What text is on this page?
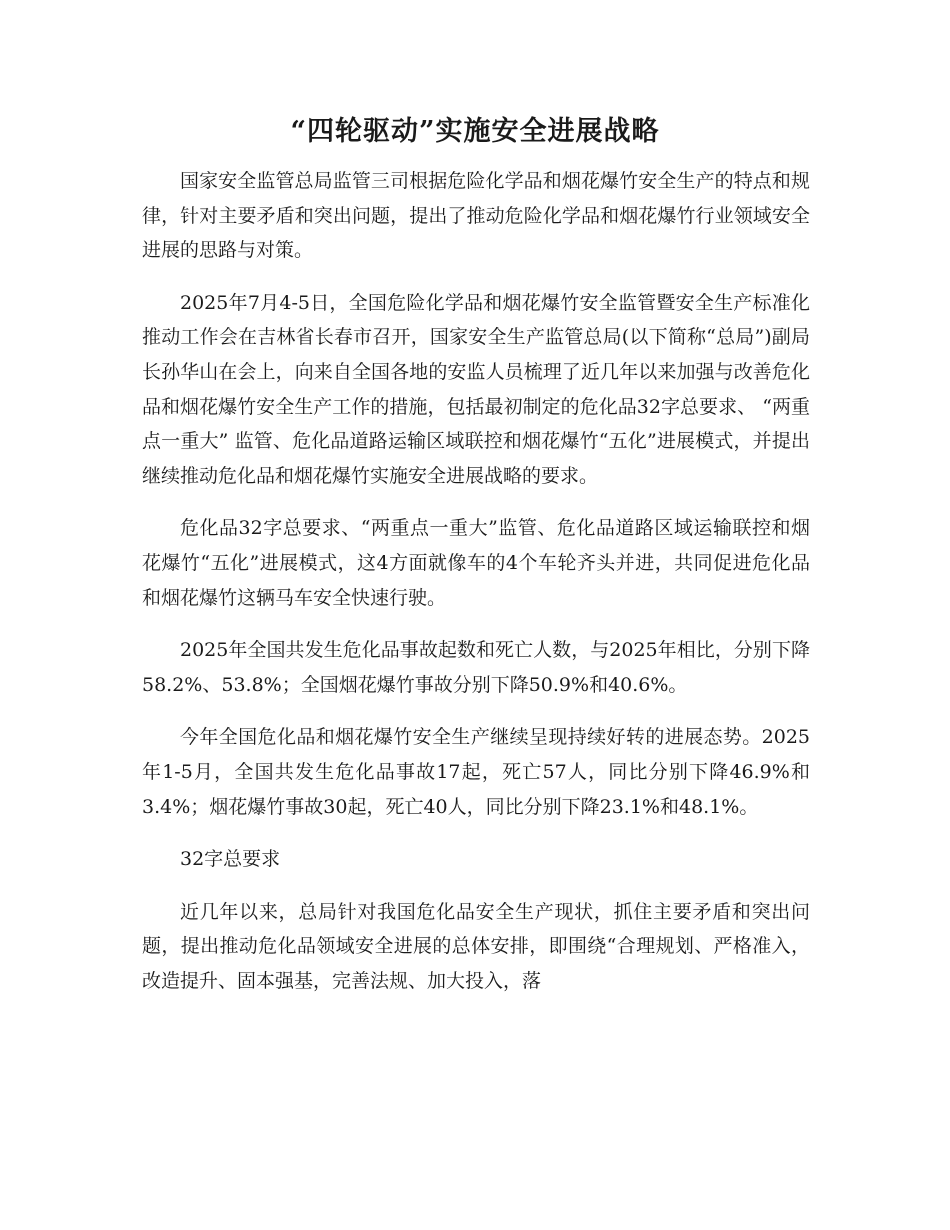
“四轮驱动”实施安全进展战略

国家安全监管总局监管三司根据危险化学品和烟花爆竹安全生产的特点和规律，针对主要矛盾和突出问题，提出了推动危险化学品和烟花爆竹行业领域安全进展的思路与对策。

2025年7月4-5日，全国危险化学品和烟花爆竹安全监管暨安全生产标准化推动工作会在吉林省长春市召开，国家安全生产监管总局(以下简称“总局”)副局长孙华山在会上，向来自全国各地的安监人员梳理了近几年以来加强与改善危化品和烟花爆竹安全生产工作的措施，包括最初制定的危化品32字总要求、 “两重点一重大” 监管、危化品道路运输区域联控和烟花爆竹“五化”进展模式，并提出继续推动危化品和烟花爆竹实施安全进展战略的要求。

危化品32字总要求、“两重点一重大”监管、危化品道路区域运输联控和烟花爆竹“五化”进展模式，这4方面就像车的4个车轮齐头并进，共同促进危化品和烟花爆竹这辆马车安全快速行驶。

2025年全国共发生危化品事故起数和死亡人数，与2025年相比，分别下降58.2%、53.8%；全国烟花爆竹事故分别下降50.9%和40.6%。

今年全国危化品和烟花爆竹安全生产继续呈现持续好转的进展态势。2025年1-5月，全国共发生危化品事故17起，死亡57人，同比分别下降46.9%和3.4%；烟花爆竹事故30起，死亡40人，同比分别下降23.1%和48.1%。

32字总要求

近几年以来，总局针对我国危化品安全生产现状，抓住主要矛盾和突出问题，提出推动危化品领域安全进展的总体安排，即围绕“合理规划、严格准入，改造提升、固本强基，完善法规、加大投入，落
